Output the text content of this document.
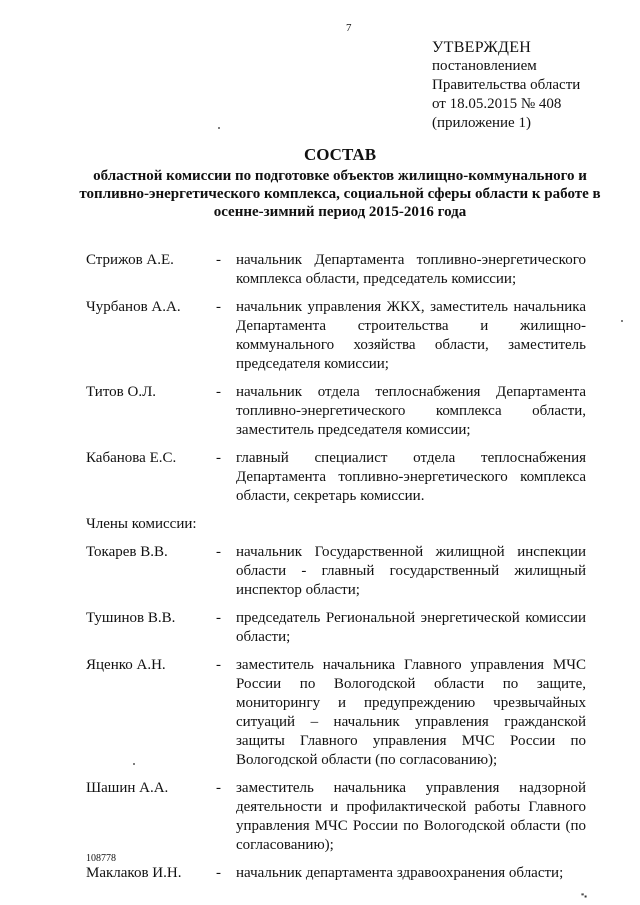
7
УТВЕРЖДЕН
постановлением
Правительства области
от 18.05.2015 № 408
(приложение 1)
СОСТАВ
областной комиссии по подготовке объектов жилищно-коммунального и
топливно-энергетического комплекса, социальной сферы области к работе в
осенне-зимний период 2015-2016 года
Стрижов А.Е.	-	начальник Департамента топливно-энергетического комплекса области, председатель комиссии;
Чурбанов А.А.	-	начальник управления ЖКХ, заместитель начальника Департамента строительства и жилищно-коммунального хозяйства области, заместитель председателя комиссии;
Титов О.Л.	-	начальник отдела теплоснабжения Департамента топливно-энергетического комплекса области, заместитель председателя комиссии;
Кабанова Е.С.	-	главный специалист отдела теплоснабжения Департамента топливно-энергетического комплекса области, секретарь комиссии.
Члены комиссии:
Токарев В.В.	-	начальник Государственной жилищной инспекции области - главный государственный жилищный инспектор области;
Тушинов В.В.	-	председатель Региональной энергетической комиссии области;
Яценко А.Н.	-	заместитель начальника Главного управления МЧС России по Вологодской области по защите, мониторингу и предупреждению чрезвычайных ситуаций – начальник управления гражданской защиты Главного управления МЧС России по Вологодской области (по согласованию);
Шашин А.А.	-	заместитель начальника управления надзорной деятельности и профилактической работы Главного управления МЧС России по Вологодской области (по согласованию);
Маклаков И.Н.	-	начальник департамента здравоохранения области;
108778
''''' ▪
